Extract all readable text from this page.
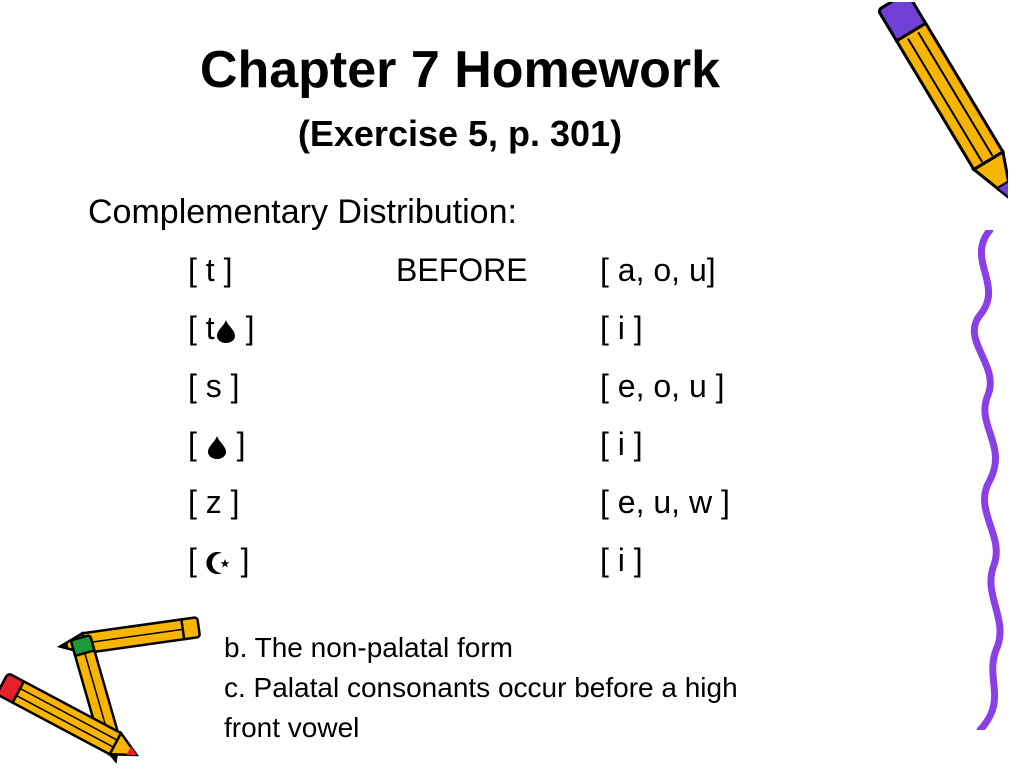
Chapter 7 Homework
(Exercise 5, p. 301)
Complementary Distribution:
[ t ]	BEFORE [ a, o, u]
[ t ]	[ i ]
[ s ]	[ e, o, u ]
[  ]	[ i ]
[ z ]	[ e, u, w ]
[  ]	[ i ]
b. The non-palatal form
c. Palatal consonants occur before a high
front vowel
